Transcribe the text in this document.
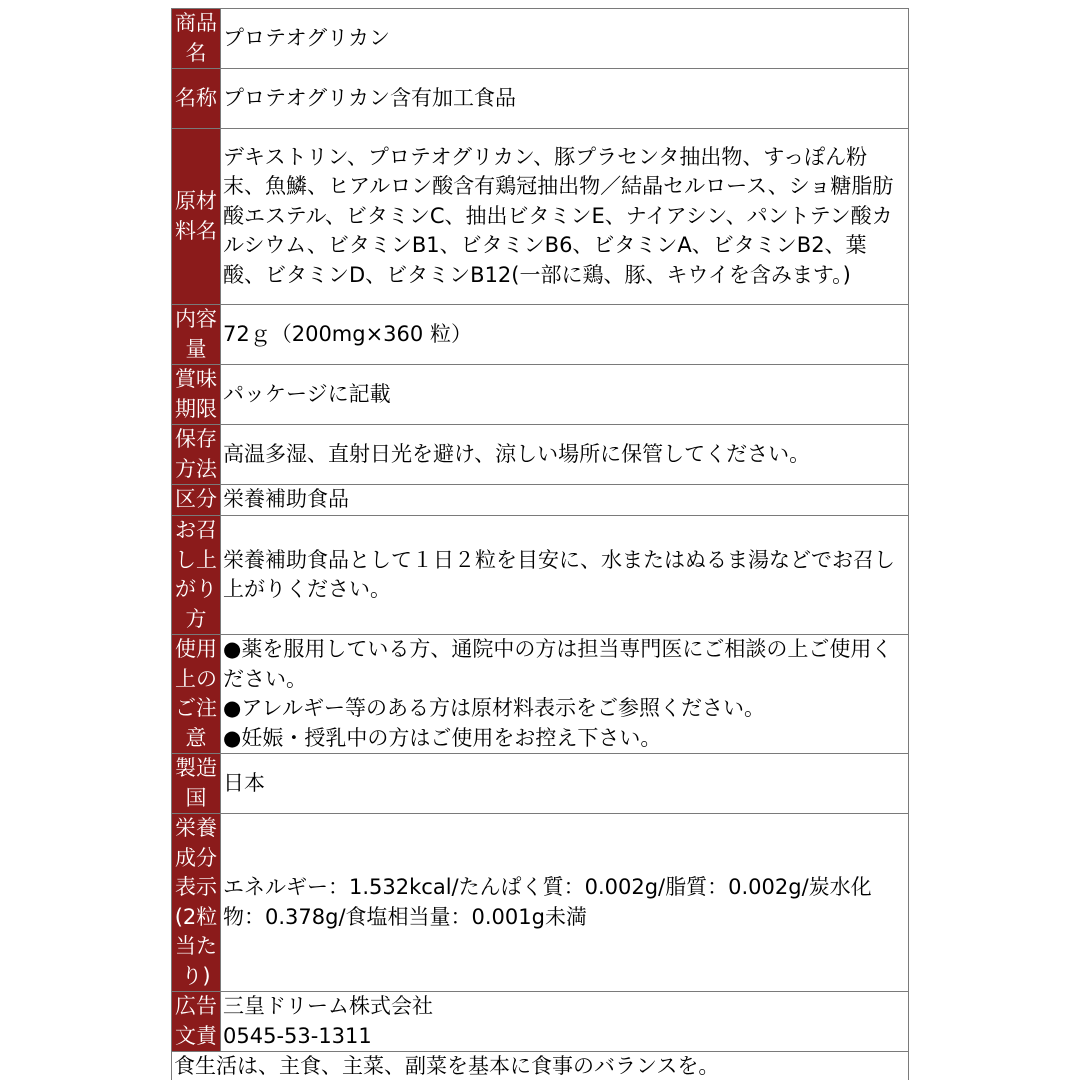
商品名	プロテオグリカン

名称	プロテオグリカン含有加工食品

原材料名	デキストリン、プロテオグリカン、豚プラセンタ抽出物、すっぽん粉末、魚鱗、ヒアルロン酸含有鶏冠抽出物／結晶セルロース、ショ糖脂肪酸エステル、ビタミンC、抽出ビタミンE、ナイアシン、パントテン酸カルシウム、ビタミンB1、ビタミンB6、ビタミンA、ビタミンB2、葉酸、ビタミンD、ビタミンB12(一部に鶏、豚、キウイを含みます。)

内容量	72ｇ（200mg×360 粒）

賞味期限	パッケージに記載

保存方法	高温多湿、直射日光を避け、涼しい場所に保管してください。

区分	栄養補助食品

お召し上がり方	栄養補助食品として１日２粒を目安に、水またはぬるま湯などでお召し上がりください。

使用上のご注意	●薬を服用している方、通院中の方は担当専門医にご相談の上ご使用ください。
●アレルギー等のある方は原材料表示をご参照ください。
●妊娠・授乳中の方はご使用をお控え下さい。

製造国	日本

栄養成分表示(2粒当たり)	エネルギー：1.532kcal/たんぱく質：0.002g/脂質：0.002g/炭水化物：0.378g/食塩相当量：0.001g未満

広告文責	三皇ドリーム株式会社
0545-53-1311

食生活は、主食、主菜、副菜を基本に食事のバランスを。	
